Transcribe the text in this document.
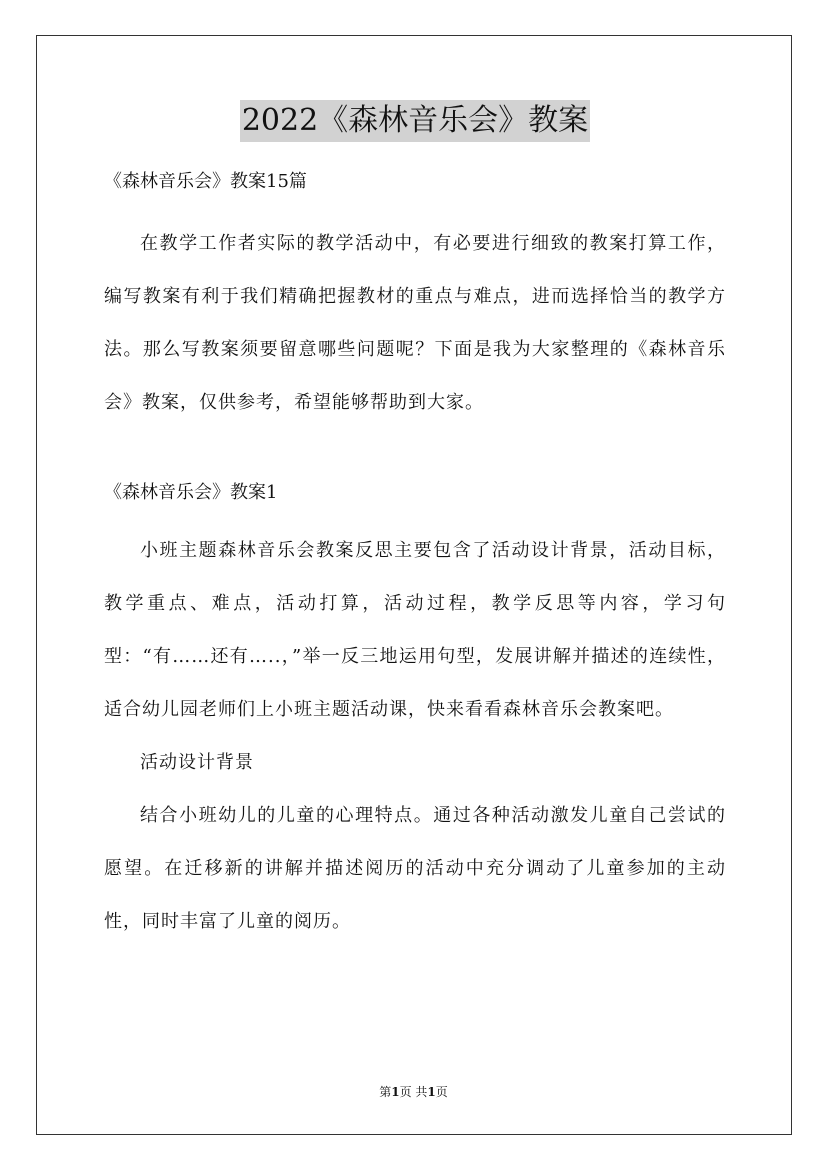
2022《森林音乐会》教案

《森林音乐会》教案15篇

在教学工作者实际的教学活动中，有必要进行细致的教案打算工作，编写教案有利于我们精确把握教材的重点与难点，进而选择恰当的教学方法。那么写教案须要留意哪些问题呢？下面是我为大家整理的《森林音乐会》教案，仅供参考，希望能够帮助到大家。

《森林音乐会》教案1

小班主题森林音乐会教案反思主要包含了活动设计背景，活动目标，教学重点、难点，活动打算，活动过程，教学反思等内容，学习句型：“有……还有…..，”举一反三地运用句型，发展讲解并描述的连续性，适合幼儿园老师们上小班主题活动课，快来看看森林音乐会教案吧。

活动设计背景

结合小班幼儿的儿童的心理特点。通过各种活动激发儿童自己尝试的愿望。在迁移新的讲解并描述阅历的活动中充分调动了儿童参加的主动性，同时丰富了儿童的阅历。

第1页 共1页
